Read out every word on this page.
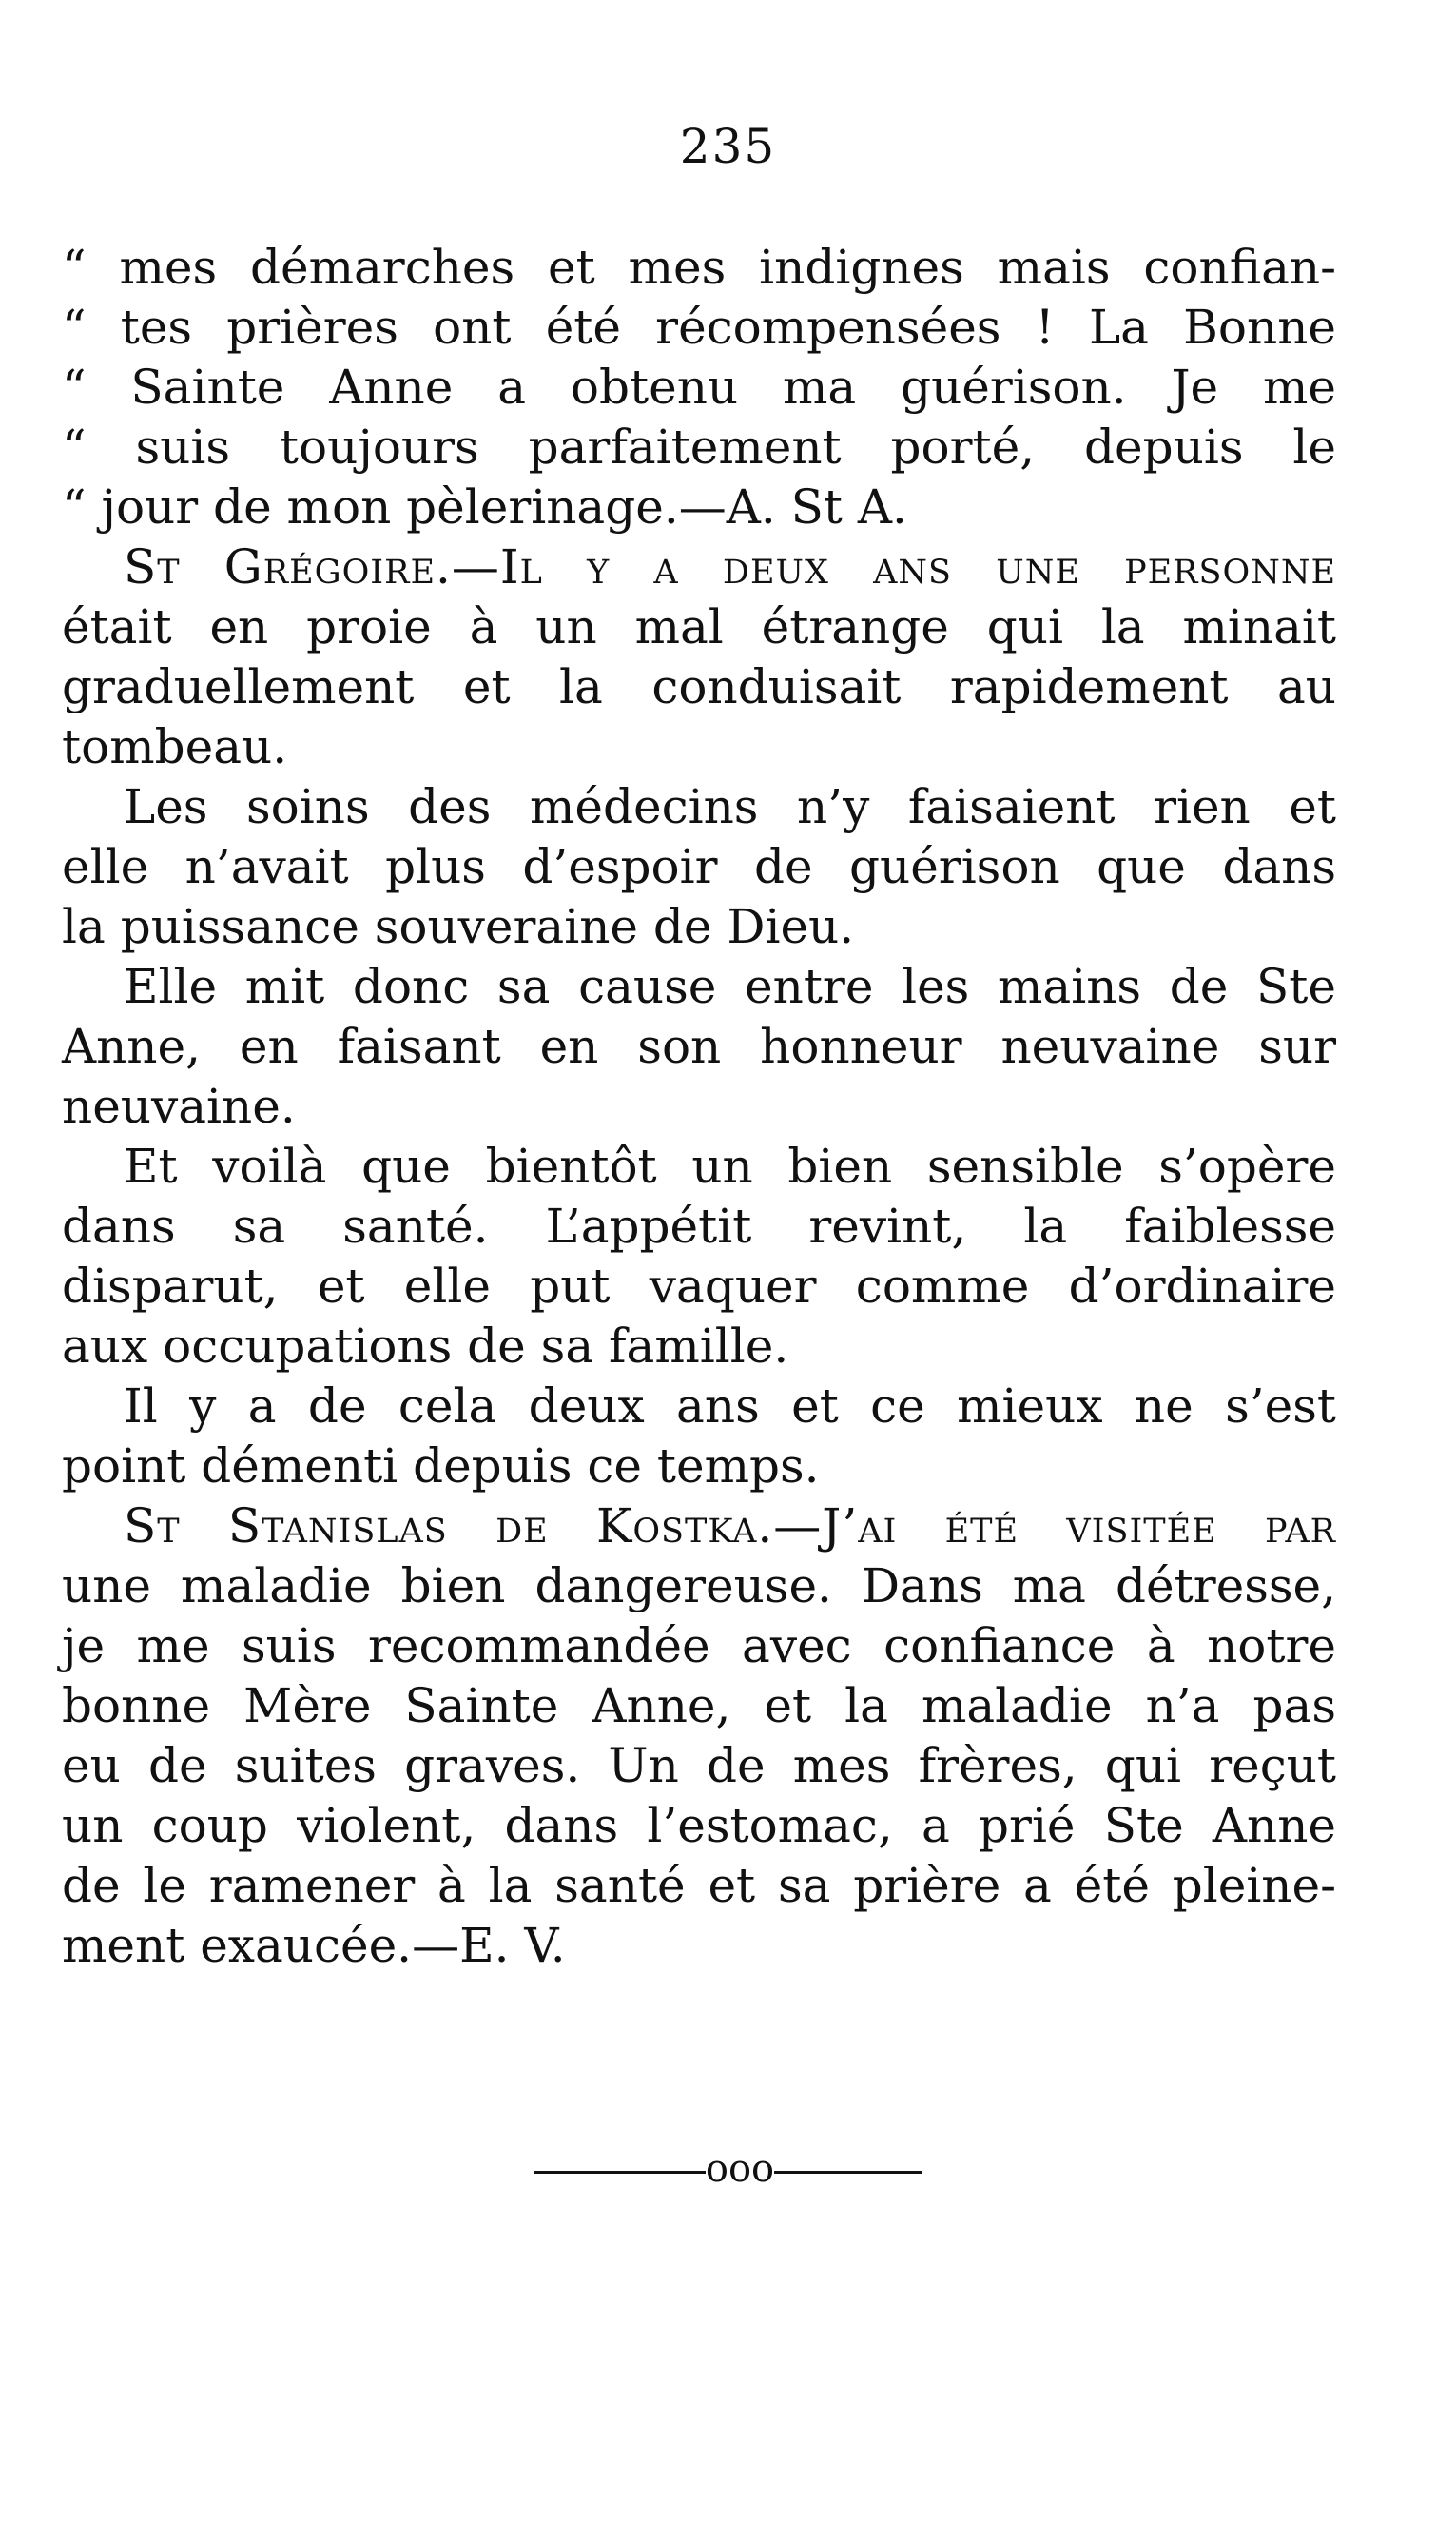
235
“ mes démarches et mes indignes mais confian-
“ tes prières ont été récompensées ! La Bonne
“ Sainte Anne a obtenu ma guérison. Je me
“ suis toujours parfaitement porté, depuis le
“ jour de mon pèlerinage.—A. St A.
St Grégoire.—Il y a deux ans une personne
était en proie à un mal étrange qui la minait
graduellement et la conduisait rapidement au
tombeau.
Les soins des médecins n’y faisaient rien et
elle n’avait plus d’espoir de guérison que dans
la puissance souveraine de Dieu.
Elle mit donc sa cause entre les mains de Ste
Anne, en faisant en son honneur neuvaine sur
neuvaine.
Et voilà que bientôt un bien sensible s’opère
dans sa santé. L’appétit revint, la faiblesse
disparut, et elle put vaquer comme d’ordinaire
aux occupations de sa famille.
Il y a de cela deux ans et ce mieux ne s’est
point démenti depuis ce temps.
St Stanislas de Kostka.—J’ai été visitée par
une maladie bien dangereuse. Dans ma détresse,
je me suis recommandée avec confiance à notre
bonne Mère Sainte Anne, et la maladie n’a pas
eu de suites graves. Un de mes frères, qui reçut
un coup violent, dans l’estomac, a prié Ste Anne
de le ramener à la santé et sa prière a été pleine-
ment exaucée.—E. V.
ooo
